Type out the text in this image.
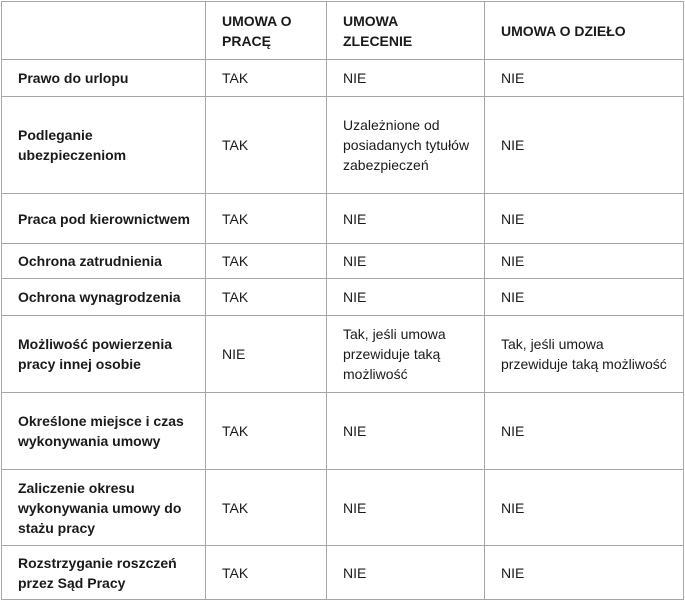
	UMOWA O PRACĘ	UMOWA ZLECENIE	UMOWA O DZIEŁO
Prawo do urlopu	TAK	NIE	NIE
Podleganie ubezpieczeniom	TAK	Uzależnione od posiadanych tytułów zabezpieczeń	NIE
Praca pod kierownictwem	TAK	NIE	NIE
Ochrona zatrudnienia	TAK	NIE	NIE
Ochrona wynagrodzenia	TAK	NIE	NIE
Możliwość powierzenia pracy innej osobie	NIE	Tak, jeśli umowa przewiduje taką możliwość	Tak, jeśli umowa przewiduje taką możliwość
Określone miejsce i czas wykonywania umowy	TAK	NIE	NIE
Zaliczenie okresu wykonywania umowy do stażu pracy	TAK	NIE	NIE
Rozstrzyganie roszczeń przez Sąd Pracy	TAK	NIE	NIE
